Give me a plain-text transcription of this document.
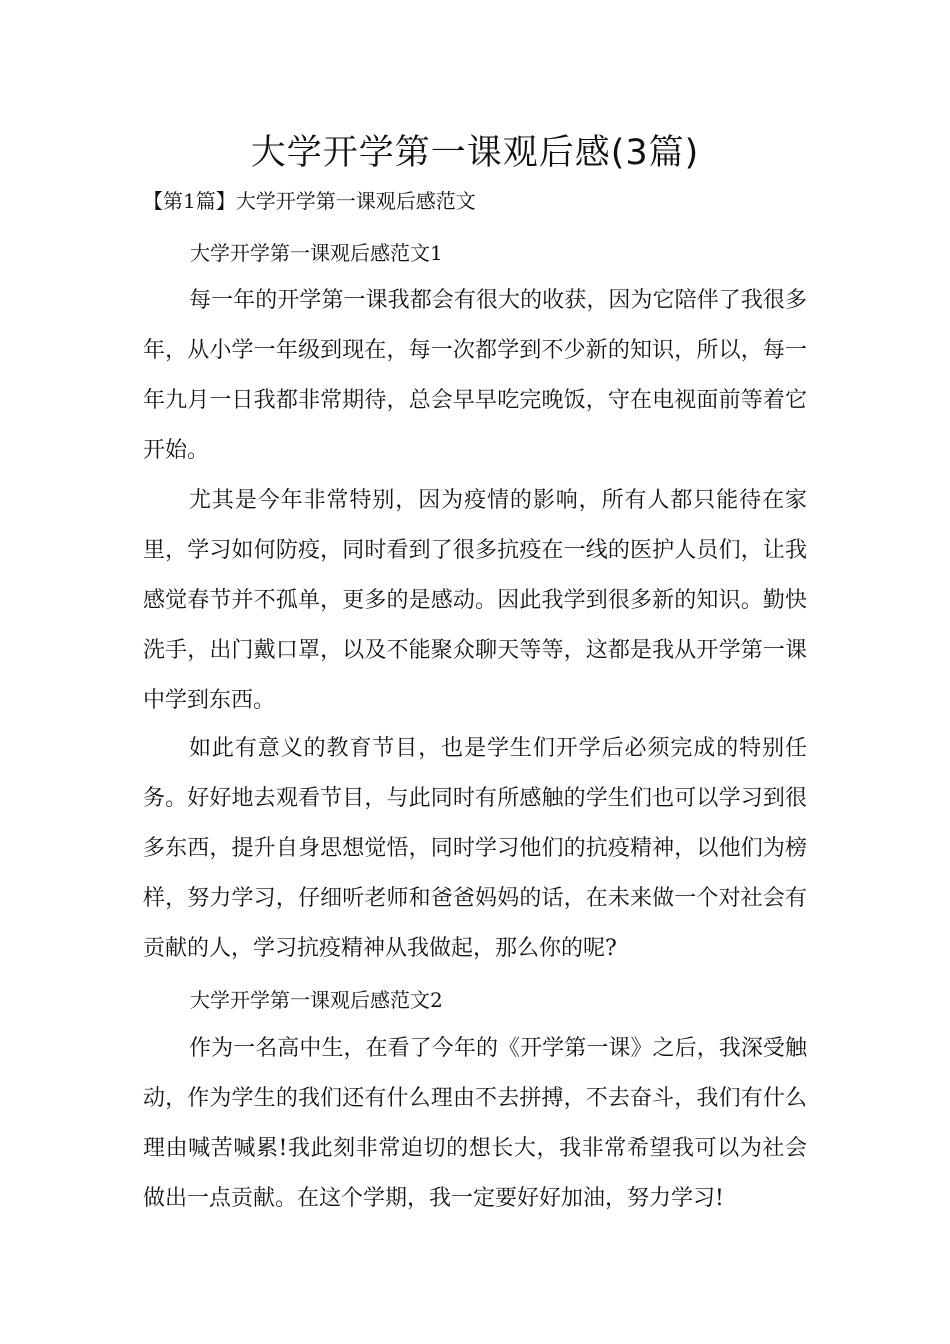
大学开学第一课观后感(3篇)
【第1篇】大学开学第一课观后感范文
大学开学第一课观后感范文1

每一年的开学第一课我都会有很大的收获，因为它陪伴了我很多年，从小学一年级到现在，每一次都学到不少新的知识，所以，每一年九月一日我都非常期待，总会早早吃完晚饭，守在电视面前等着它开始。

尤其是今年非常特别，因为疫情的影响，所有人都只能待在家里，学习如何防疫，同时看到了很多抗疫在一线的医护人员们，让我感觉春节并不孤单，更多的是感动。因此我学到很多新的知识。勤快洗手，出门戴口罩，以及不能聚众聊天等等，这都是我从开学第一课中学到东西。

如此有意义的教育节目，也是学生们开学后必须完成的特别任务。好好地去观看节目，与此同时有所感触的学生们也可以学习到很多东西，提升自身思想觉悟，同时学习他们的抗疫精神，以他们为榜样，努力学习，仔细听老师和爸爸妈妈的话，在未来做一个对社会有贡献的人，学习抗疫精神从我做起，那么你的呢?

大学开学第一课观后感范文2

作为一名高中生，在看了今年的《开学第一课》之后，我深受触动，作为学生的我们还有什么理由不去拼搏，不去奋斗，我们有什么理由喊苦喊累!我此刻非常迫切的想长大，我非常希望我可以为社会做出一点贡献。在这个学期，我一定要好好加油，努力学习!
